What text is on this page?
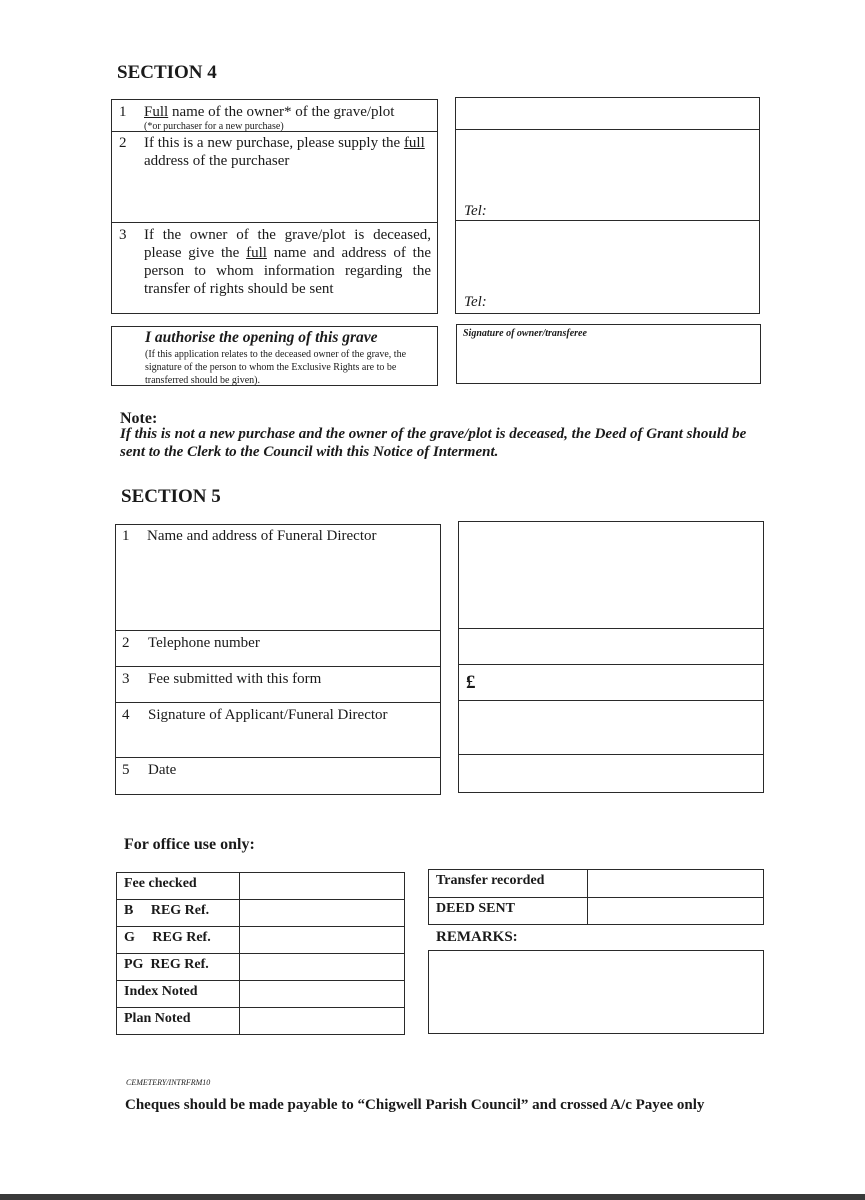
SECTION 4
1 Full name of the owner* of the grave/plot
(*or purchaser for a new purchase)
2 If this is a new purchase, please supply the full address of the purchaser
3 If the owner of the grave/plot is deceased, please give the full name and address of the person to whom information regarding the transfer of rights should be sent
Tel:
Tel:
I authorise the opening of this grave
(If this application relates to the deceased owner of the grave, the signature of the person to whom the Exclusive Rights are to be transferred should be given).
Signature of owner/transferee
Note:
If this is not a new purchase and the owner of the grave/plot is deceased, the Deed of Grant should be sent to the Clerk to the Council with this Notice of Interment.
SECTION 5
1 Name and address of Funeral Director
2 Telephone number
3 Fee submitted with this form
4 Signature of Applicant/Funeral Director
5 Date
£
For office use only:
Fee checked
B     REG Ref.
G     REG Ref.
PG  REG Ref.
Index Noted
Plan Noted
Transfer recorded
DEED SENT
REMARKS:
CEMETERY/INTRFRM10
Cheques should be made payable to “Chigwell Parish Council” and crossed A/c Payee only
